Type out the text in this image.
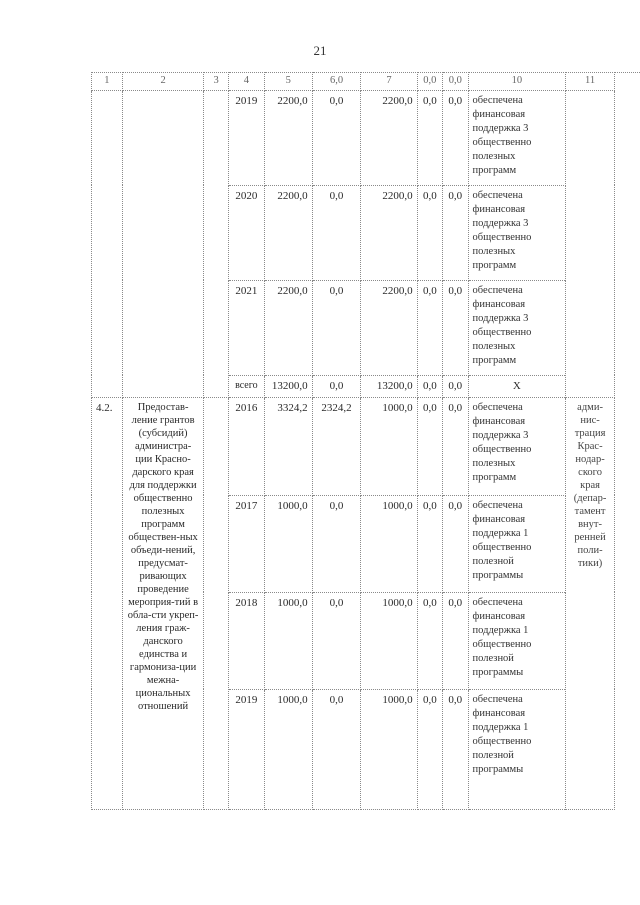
21
1	2	3	4	5	6,0	7	0,0	0,0	10	11
			2019	2200,0	0,0	2200,0	0,0	0,0	обеспечена финансовая поддержка 3 общественно полезных программ	
			2020	2200,0	0,0	2200,0	0,0	0,0	обеспечена финансовая поддержка 3 общественно полезных программ	
			2021	2200,0	0,0	2200,0	0,0	0,0	обеспечена финансовая поддержка 3 общественно полезных программ	
			всего	13200,0	0,0	13200,0	0,0	0,0	X	
4.2.	Предостав-ление грантов (субсидий) администра-ции Красно-дарского края для поддержки общественно полезных программ обществен-ных объеди-нений, предусмат-ривающих проведение мероприя-тий в обла-сти укреп-ления граж-данского единства и гармониза-ции межна-циональных отношений		2016	3324,2	2324,2	1000,0	0,0	0,0	обеспечена финансовая поддержка 3 общественно полезных программ	адми-нис-трация Крас-нодар-ского края (депар-тамент внут-ренней поли-тики)
			2017	1000,0	0,0	1000,0	0,0	0,0	обеспечена финансовая поддержка 1 общественно полезной программы	
			2018	1000,0	0,0	1000,0	0,0	0,0	обеспечена финансовая поддержка 1 общественно полезной программы	
			2019	1000,0	0,0	1000,0	0,0	0,0	обеспечена финансовая поддержка 1 общественно полезной программы	
